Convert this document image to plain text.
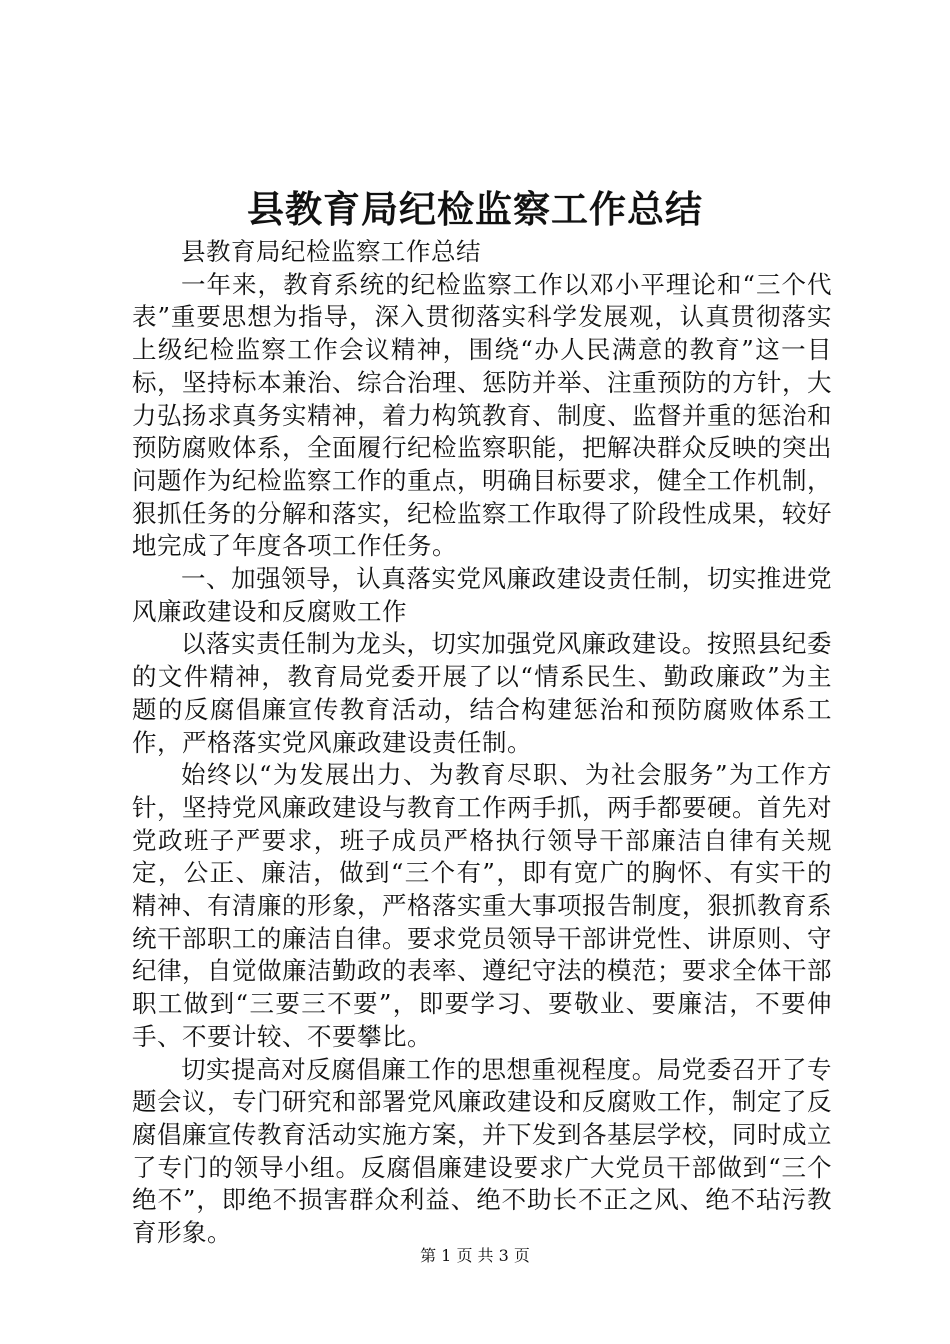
县教育局纪检监察工作总结

县教育局纪检监察工作总结

一年来，教育系统的纪检监察工作以邓小平理论和“三个代表”重要思想为指导，深入贯彻落实科学发展观，认真贯彻落实上级纪检监察工作会议精神，围绕“办人民满意的教育”这一目标，坚持标本兼治、综合治理、惩防并举、注重预防的方针，大力弘扬求真务实精神，着力构筑教育、制度、监督并重的惩治和预防腐败体系，全面履行纪检监察职能，把解决群众反映的突出问题作为纪检监察工作的重点，明确目标要求，健全工作机制，狠抓任务的分解和落实，纪检监察工作取得了阶段性成果，较好地完成了年度各项工作任务。

一、加强领导，认真落实党风廉政建设责任制，切实推进党风廉政建设和反腐败工作

以落实责任制为龙头，切实加强党风廉政建设。按照县纪委的文件精神，教育局党委开展了以“情系民生、勤政廉政”为主题的反腐倡廉宣传教育活动，结合构建惩治和预防腐败体系工作，严格落实党风廉政建设责任制。

始终以“为发展出力、为教育尽职、为社会服务”为工作方针，坚持党风廉政建设与教育工作两手抓，两手都要硬。首先对党政班子严要求，班子成员严格执行领导干部廉洁自律有关规定，公正、廉洁，做到“三个有”，即有宽广的胸怀、有实干的精神、有清廉的形象，严格落实重大事项报告制度，狠抓教育系统干部职工的廉洁自律。要求党员领导干部讲党性、讲原则、守纪律，自觉做廉洁勤政的表率、遵纪守法的模范；要求全体干部职工做到“三要三不要”，即要学习、要敬业、要廉洁，不要伸手、不要计较、不要攀比。

切实提高对反腐倡廉工作的思想重视程度。局党委召开了专题会议，专门研究和部署党风廉政建设和反腐败工作，制定了反腐倡廉宣传教育活动实施方案，并下发到各基层学校，同时成立了专门的领导小组。反腐倡廉建设要求广大党员干部做到“三个绝不”，即绝不损害群众利益、绝不助长不正之风、绝不玷污教育形象。

第 1 页 共 3 页
